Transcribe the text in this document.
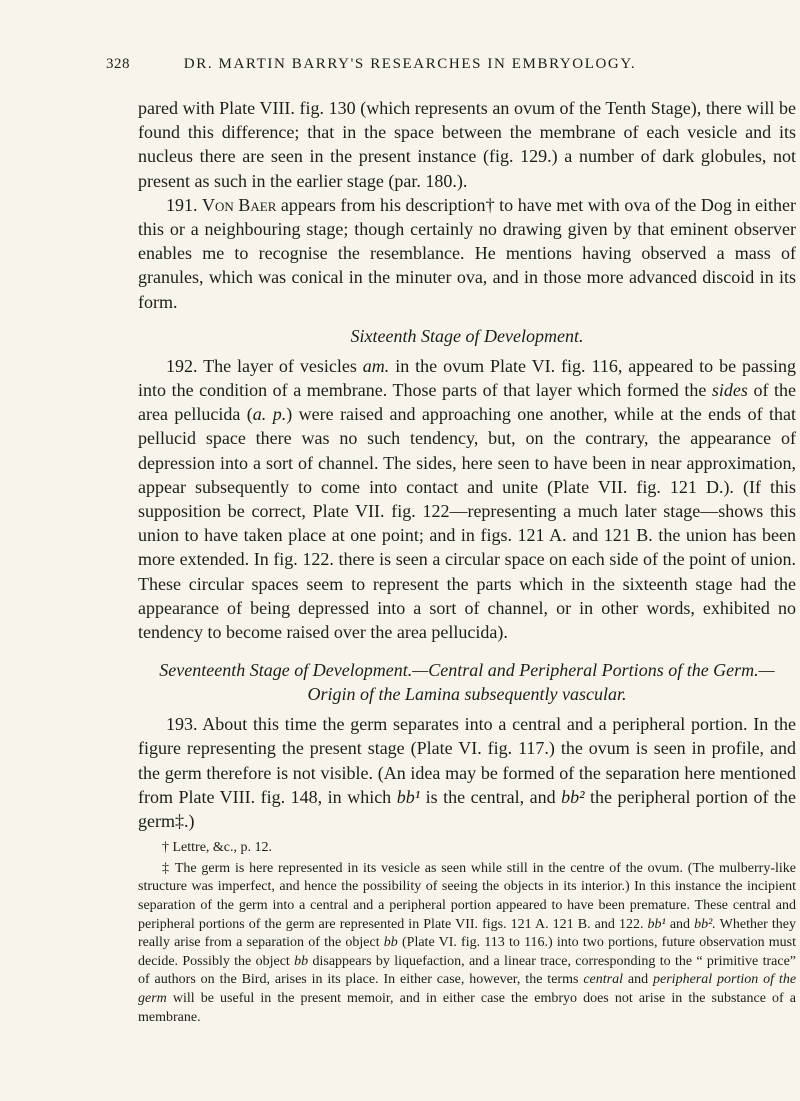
328	DR. MARTIN BARRY'S RESEARCHES IN EMBRYOLOGY.

pared with Plate VIII. fig. 130 (which represents an ovum of the Tenth Stage), there will be found this difference; that in the space between the membrane of each vesicle and its nucleus there are seen in the present instance (fig. 129.) a number of dark globules, not present as such in the earlier stage (par. 180.).

191. Von Baer appears from his description† to have met with ova of the Dog in either this or a neighbouring stage; though certainly no drawing given by that eminent observer enables me to recognise the resemblance. He mentions having observed a mass of granules, which was conical in the minuter ova, and in those more advanced discoid in its form.

Sixteenth Stage of Development.

192. The layer of vesicles am. in the ovum Plate VI. fig. 116, appeared to be passing into the condition of a membrane. Those parts of that layer which formed the sides of the area pellucida (a. p.) were raised and approaching one another, while at the ends of that pellucid space there was no such tendency, but, on the contrary, the appearance of depression into a sort of channel. The sides, here seen to have been in near approximation, appear subsequently to come into contact and unite (Plate VII. fig. 121 D.). (If this supposition be correct, Plate VII. fig. 122—representing a much later stage—shows this union to have taken place at one point; and in figs. 121 A. and 121 B. the union has been more extended. In fig. 122. there is seen a circular space on each side of the point of union. These circular spaces seem to represent the parts which in the sixteenth stage had the appearance of being depressed into a sort of channel, or in other words, exhibited no tendency to become raised over the area pellucida).

Seventeenth Stage of Development.—Central and Peripheral Portions of the Germ.— Origin of the Lamina subsequently vascular.

193. About this time the germ separates into a central and a peripheral portion. In the figure representing the present stage (Plate VI. fig. 117.) the ovum is seen in profile, and the germ therefore is not visible. (An idea may be formed of the separation here mentioned from Plate VIII. fig. 148, in which bb¹ is the central, and bb² the peripheral portion of the germ‡.)

† Lettre, &c., p. 12.

‡ The germ is here represented in its vesicle as seen while still in the centre of the ovum. (The mulberry-like structure was imperfect, and hence the possibility of seeing the objects in its interior.) In this instance the incipient separation of the germ into a central and a peripheral portion appeared to have been premature. These central and peripheral portions of the germ are represented in Plate VII. figs. 121 A. 121 B. and 122. bb¹ and bb². Whether they really arise from a separation of the object bb (Plate VI. fig. 113 to 116.) into two portions, future observation must decide. Possibly the object bb disappears by liquefaction, and a linear trace, corresponding to the “ primitive trace” of authors on the Bird, arises in its place. In either case, however, the terms central and peripheral portion of the germ will be useful in the present memoir, and in either case the embryo does not arise in the substance of a membrane.
